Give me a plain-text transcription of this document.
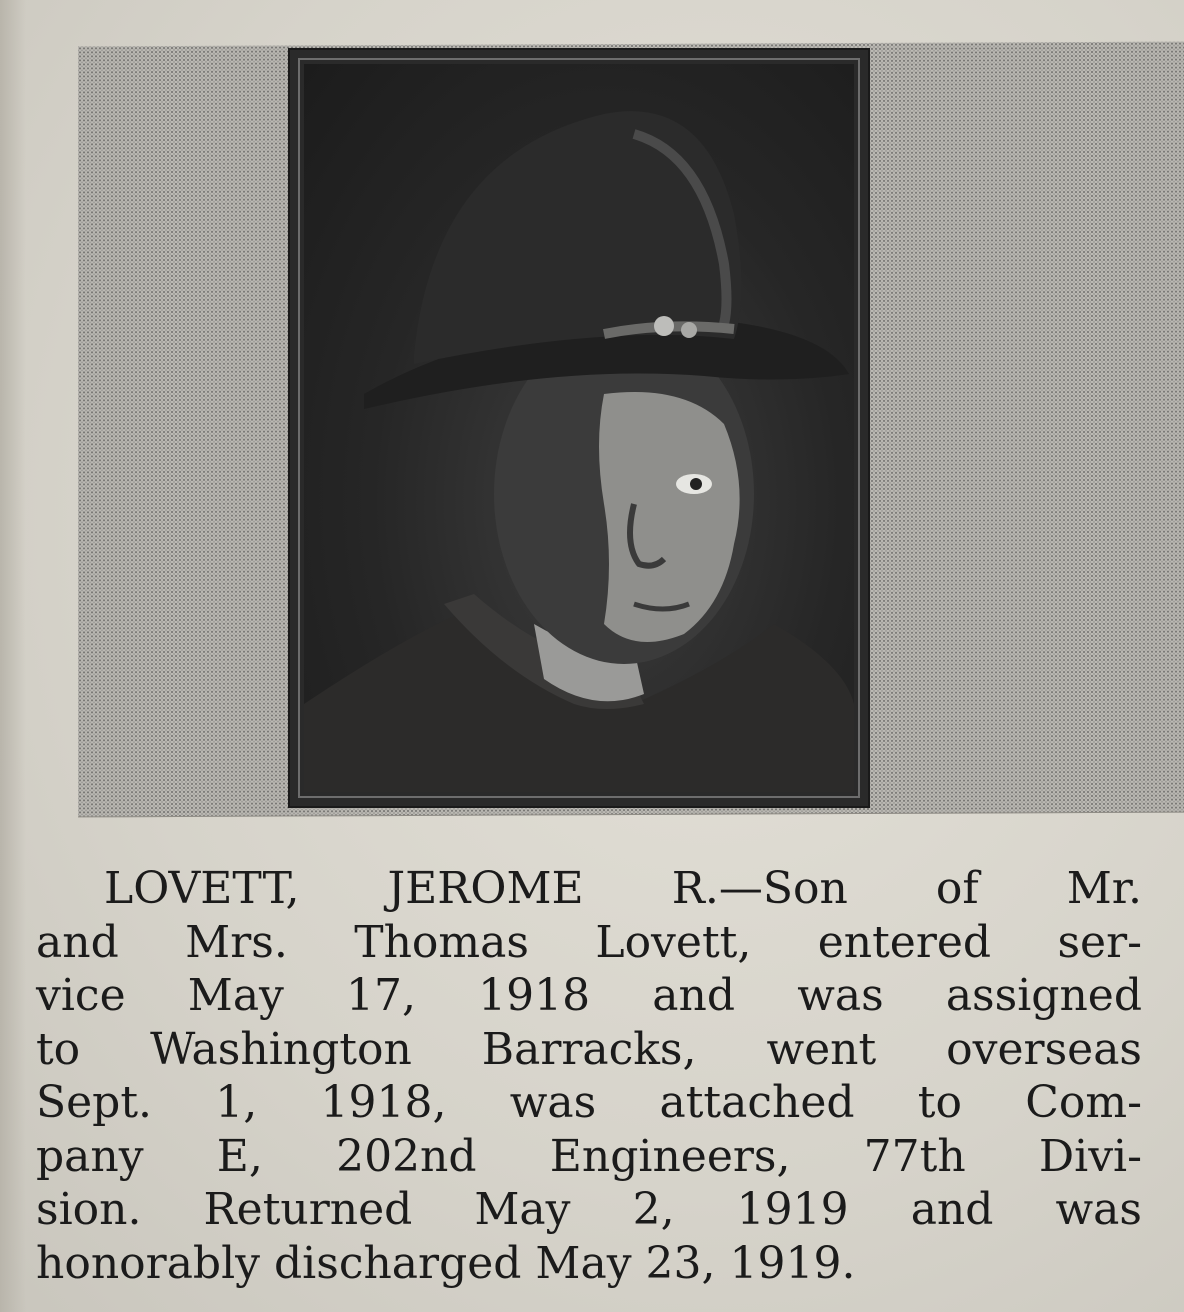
LOVETT, JEROME R.—Son of Mr.
and Mrs. Thomas Lovett, entered ser-
vice May 17, 1918 and was assigned
to Washington Barracks, went overseas
Sept. 1, 1918, was attached to Com-
pany E, 202nd Engineers, 77th Divi-
sion. Returned May 2, 1919 and was
honorably discharged May 23, 1919.
